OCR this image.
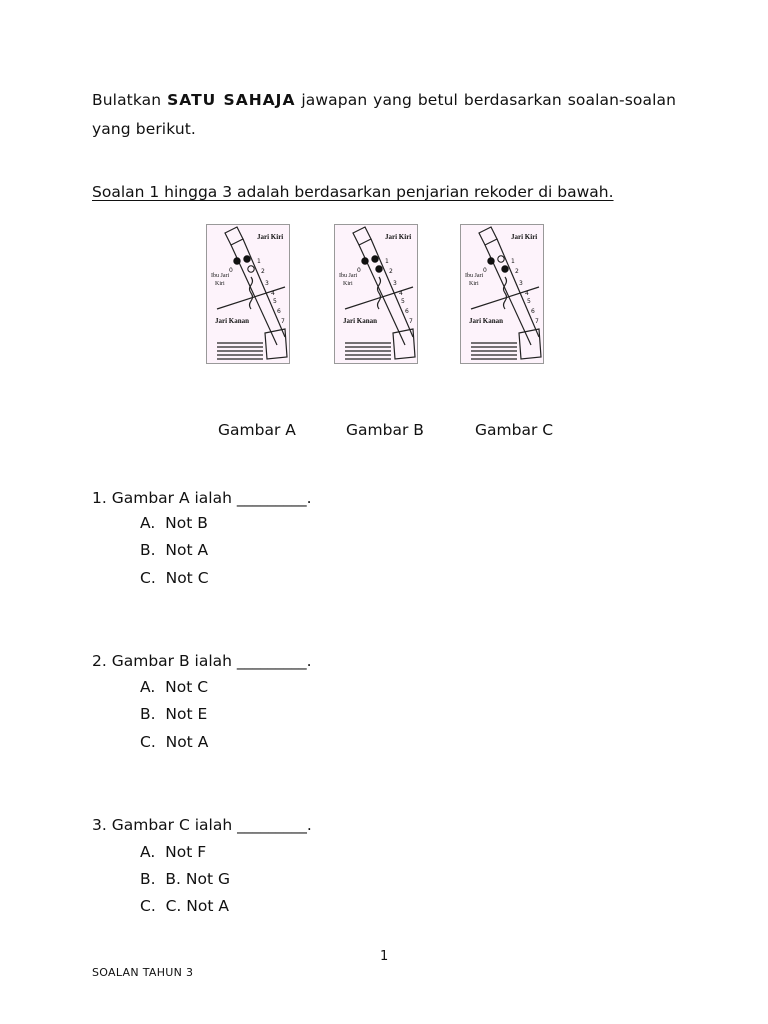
Bulatkan SATU SAHAJA jawapan yang betul berdasarkan soalan-soalan yang berikut.
Soalan 1 hingga 3 adalah berdasarkan penjarian rekoder di bawah.
Jari Kiri
Ibu Jari
Kiri
Jari Kanan
0
1
2
3
4
5
6
7
Jari Kiri
Ibu Jari
Kiri
Jari Kanan
0
1
2
3
4
5
6
7
Jari Kiri
Ibu Jari
Kiri
Jari Kanan
0
1
2
3
4
5
6
7
Gambar A	Gambar B	Gambar C
1. Gambar A ialah _________.
A. Not B
B. Not A
C. Not C
2. Gambar B ialah _________.
A. Not C
B. Not E
C. Not A
3. Gambar C ialah _________.
A. Not F
B. B. Not G
C. C. Not A
1
SOALAN TAHUN 3
